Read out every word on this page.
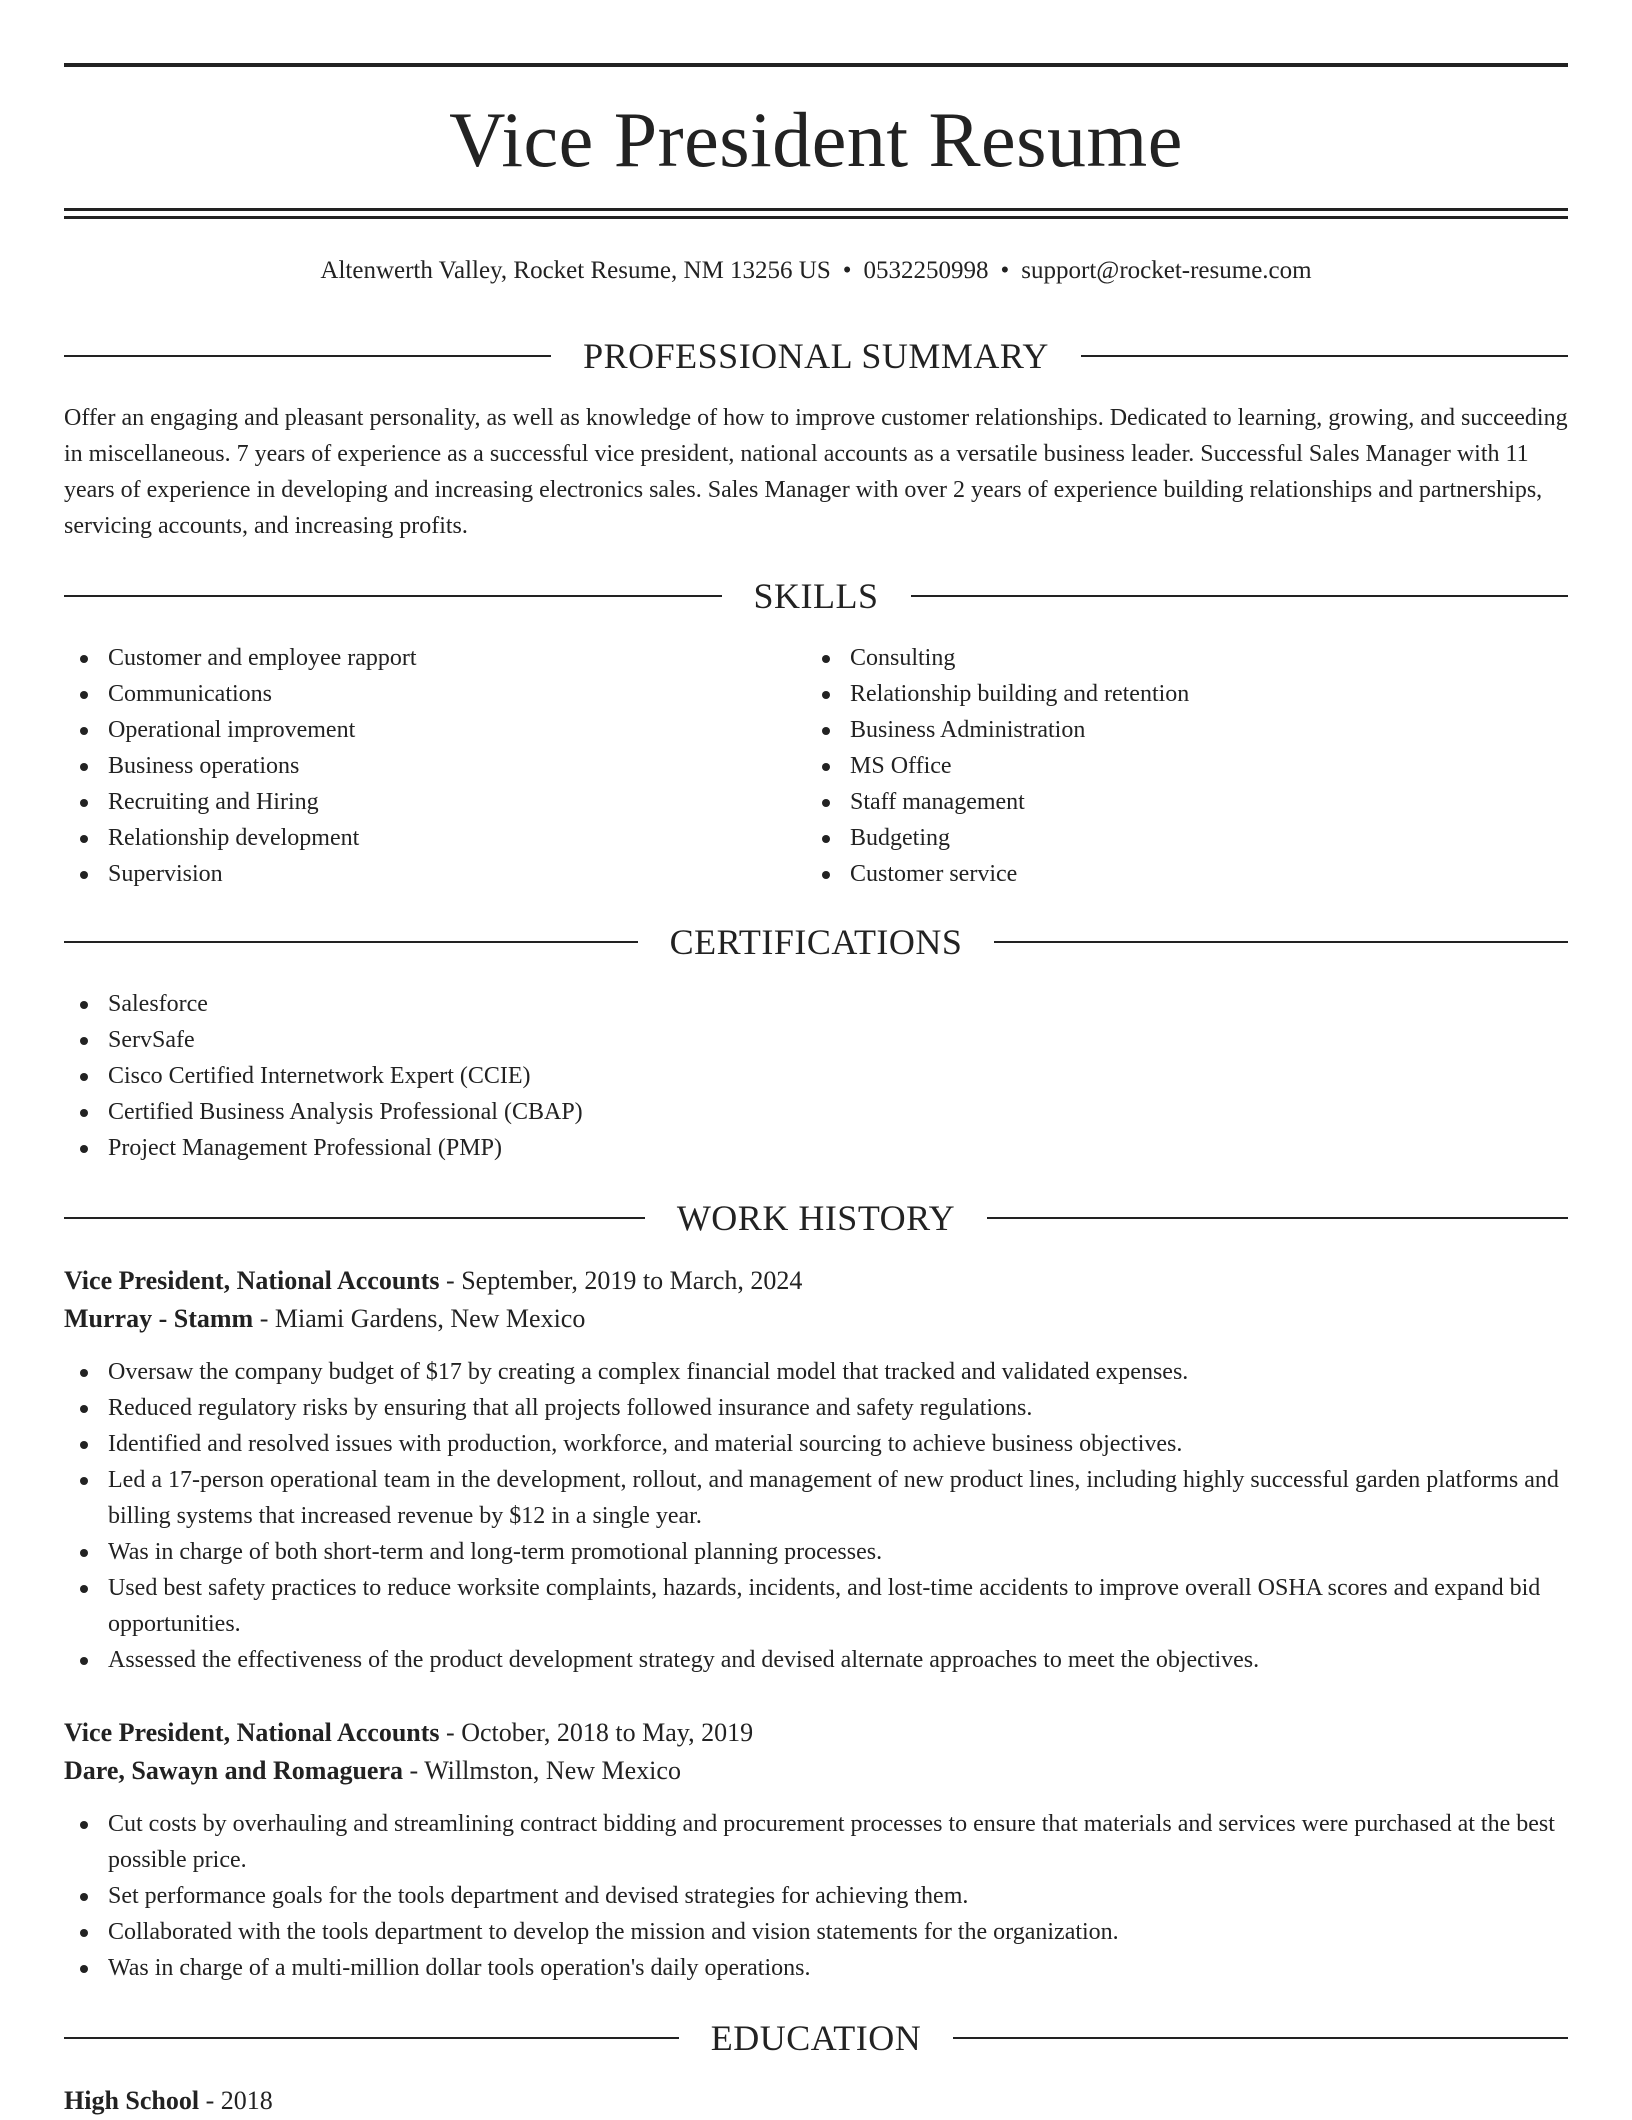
Vice President Resume
Altenwerth Valley, Rocket Resume, NM 13256 US • 0532250998 • support@rocket-resume.com
PROFESSIONAL SUMMARY

Offer an engaging and pleasant personality, as well as knowledge of how to improve customer relationships. Dedicated to learning, growing, and succeeding in miscellaneous. 7 years of experience as a successful vice president, national accounts as a versatile business leader. Successful Sales Manager with 11 years of experience in developing and increasing electronics sales. Sales Manager with over 2 years of experience building relationships and partnerships, servicing accounts, and increasing profits.

SKILLS
Customer and employee rapport
Communications
Operational improvement
Business operations
Recruiting and Hiring
Relationship development
Supervision
Consulting
Relationship building and retention
Business Administration
MS Office
Staff management
Budgeting
Customer service
CERTIFICATIONS
Salesforce
ServSafe
Cisco Certified Internetwork Expert (CCIE)
Certified Business Analysis Professional (CBAP)
Project Management Professional (PMP)
WORK HISTORY
Vice President, National Accounts - September, 2019 to March, 2024
Murray - Stamm - Miami Gardens, New Mexico
Oversaw the company budget of $17 by creating a complex financial model that tracked and validated expenses.
Reduced regulatory risks by ensuring that all projects followed insurance and safety regulations.
Identified and resolved issues with production, workforce, and material sourcing to achieve business objectives.
Led a 17-person operational team in the development, rollout, and management of new product lines, including highly successful garden platforms and billing systems that increased revenue by $12 in a single year.
Was in charge of both short-term and long-term promotional planning processes.
Used best safety practices to reduce worksite complaints, hazards, incidents, and lost-time accidents to improve overall OSHA scores and expand bid opportunities.
Assessed the effectiveness of the product development strategy and devised alternate approaches to meet the objectives.
Vice President, National Accounts - October, 2018 to May, 2019
Dare, Sawayn and Romaguera - Willmston, New Mexico
Cut costs by overhauling and streamlining contract bidding and procurement processes to ensure that materials and services were purchased at the best possible price.
Set performance goals for the tools department and devised strategies for achieving them.
Collaborated with the tools department to develop the mission and vision statements for the organization.
Was in charge of a multi-million dollar tools operation's daily operations.
EDUCATION
High School - 2018
